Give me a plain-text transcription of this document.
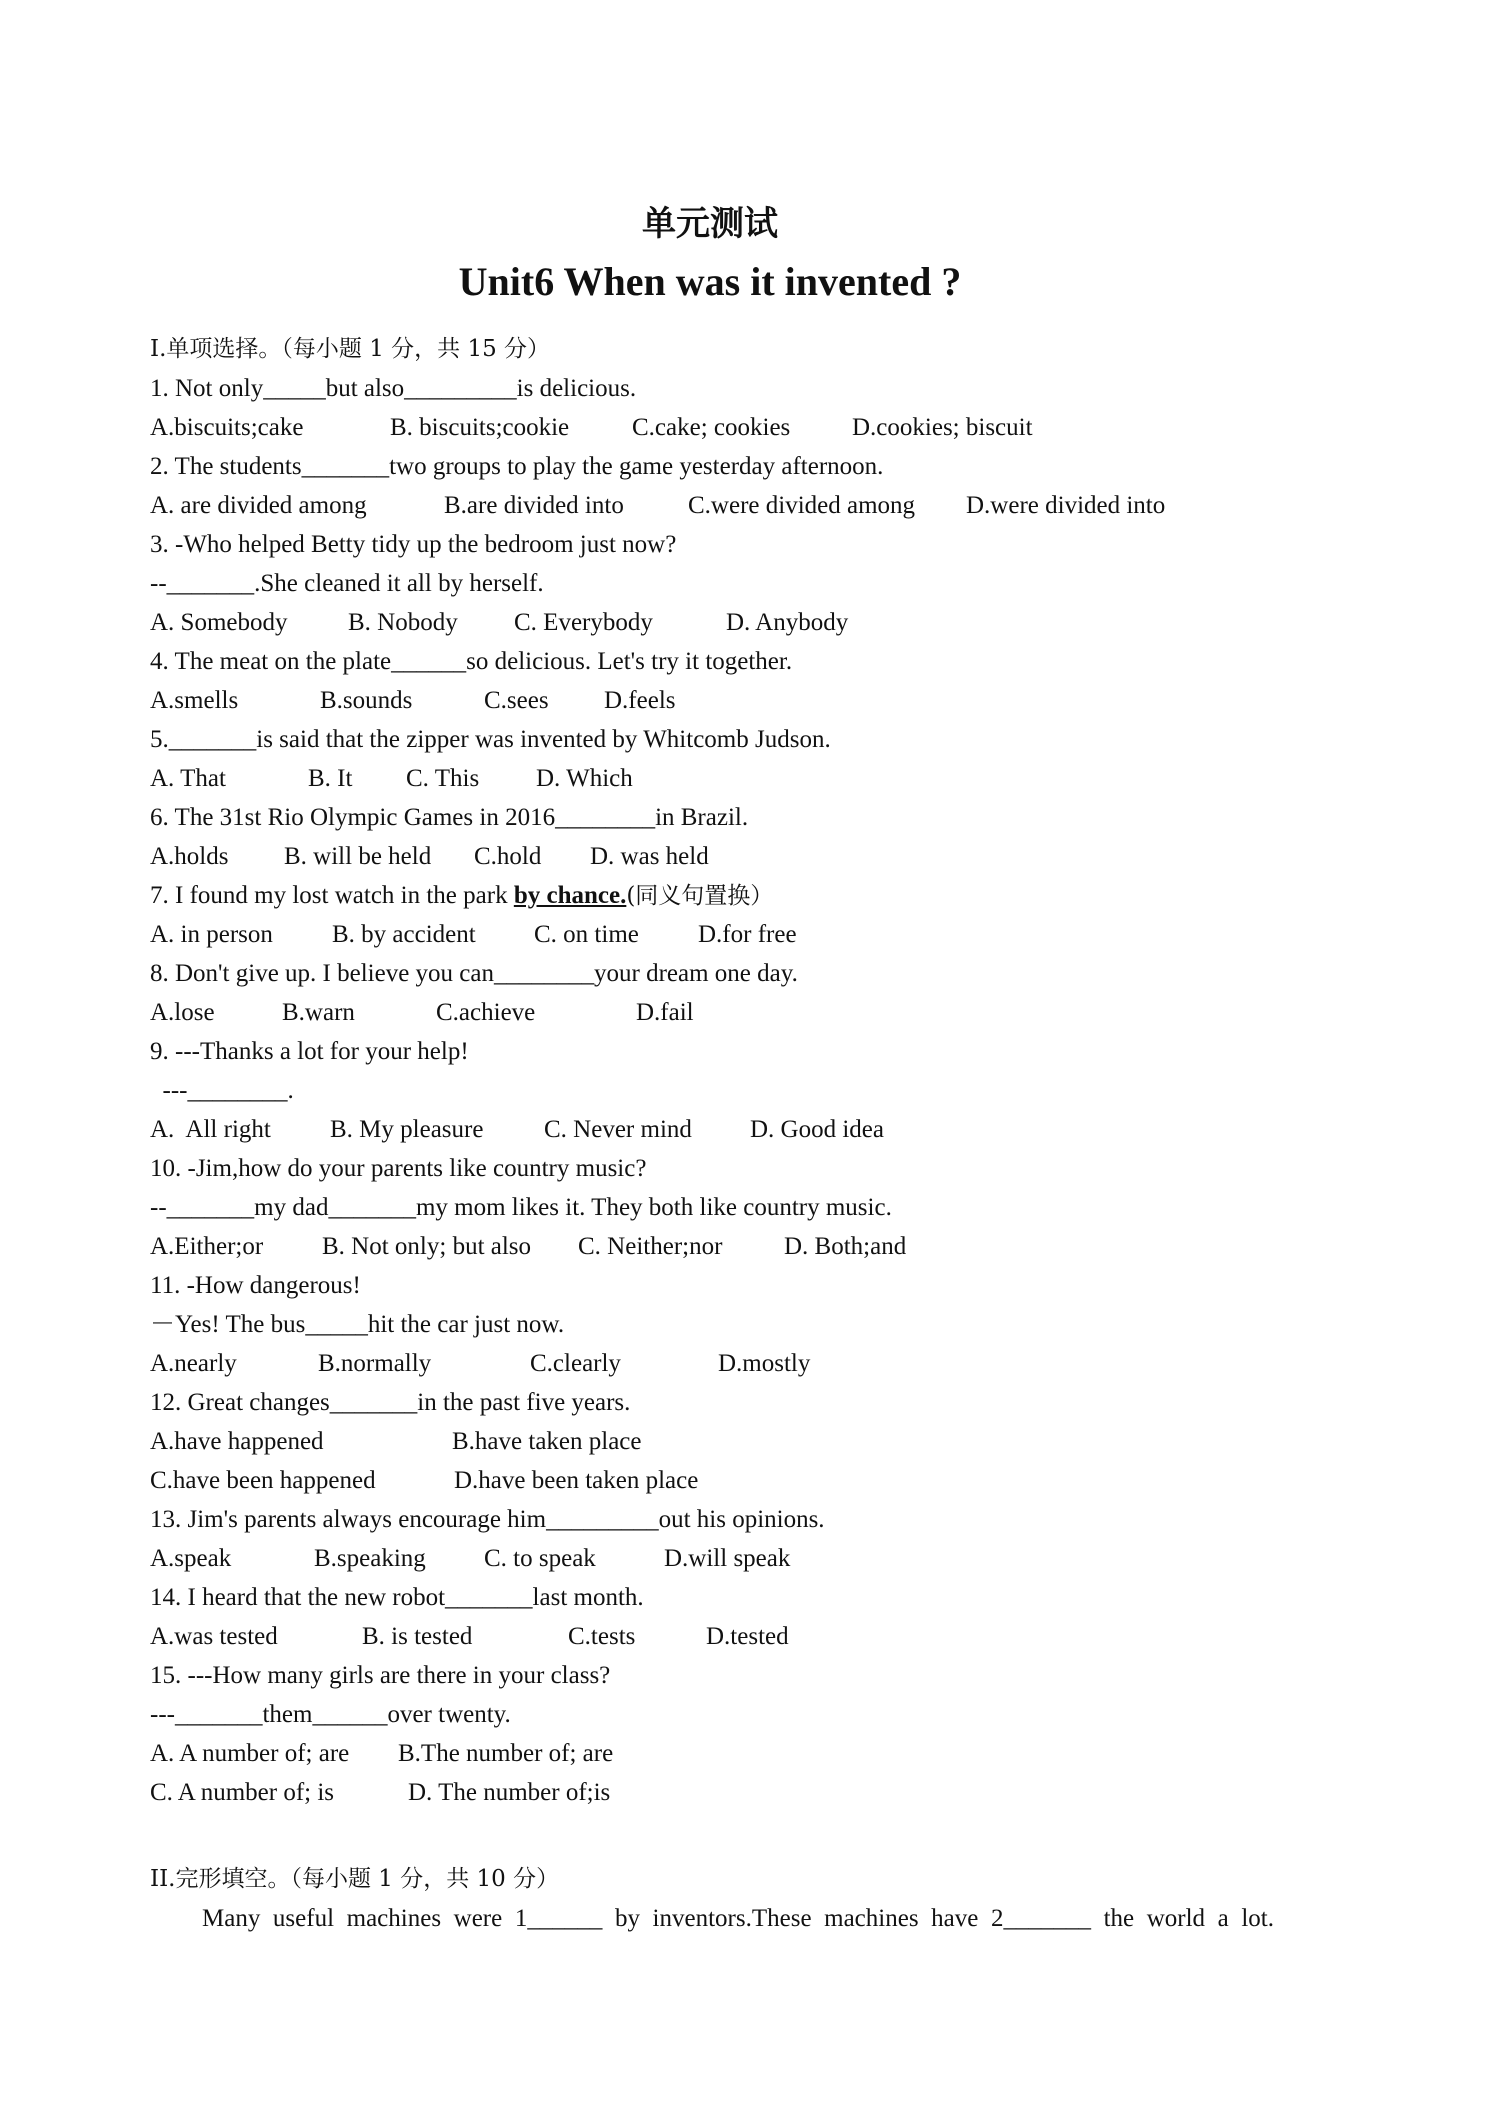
单元测试
Unit6 When was it invented ?
I.单项选择。（每小题 1 分，共 15 分）
1. Not only_____but also_________is delicious.

A.biscuits;cake

	B. biscuits;cookie

	C.cake; cookies

D.cookies; biscuit

2. The students_______two groups to play the game yesterday afternoon.

A. are divided among

	B.are divided into

	C.were divided among

D.were divided into

3. -Who helped Betty tidy up the bedroom just now?
--_______.She cleaned it all by herself.

A. Somebody

B. Nobody

C. Everybody

	D. Anybody

4. The meat on the plate______so delicious. Let's try it together.

A.smells

	B.sounds

	C.sees

D.feels

5._______is said that the zipper was invented by Whitcomb Judson.

A. That

	B. It

C. This

D. Which

6. The 31st Rio Olympic Games in 2016________in Brazil.

A.holds

B. will be held

C.hold

D. was held

7. I found my lost watch in the park by chance.(同义句置换）

A. in person

B. by accident

C. on time

D.for free

8. Don't give up. I believe you can________your dream one day.

A.lose

	B.warn

	C.achieve

	D.fail

9. ---Thanks a lot for your help!
---________.

A.  All right

B. My pleasure

C. Never mind

D. Good idea

10. -Jim,how do your parents like country music?
--_______my dad_______my mom likes it. They both like country music.

A.Either;or

B. Not only; but also

C. Neither;nor

D. Both;and

11. -How dangerous!
－Yes! The bus_____hit the car just now.

A.nearly

	B.normally

	C.clearly

	D.mostly

12. Great changes_______in the past five years.

A.have happened

	B.have taken place

C.have been happened

	D.have been taken place

13. Jim's parents always encourage him_________out his opinions.

A.speak

	B.speaking

C. to speak

	D.will speak

14. I heard that the new robot_______last month.

A.was tested

	B. is tested

	C.tests

	D.tested

15. ---How many girls are there in your class?
---_______them______over twenty.

A. A number of; are

B.The number of; are

C. A number of; is

	D. The number of;is

II.完形填空。（每小题 1 分，共 10 分）
Many useful machines were 1______ by inventors.These machines have 2_______ the world a lot.
